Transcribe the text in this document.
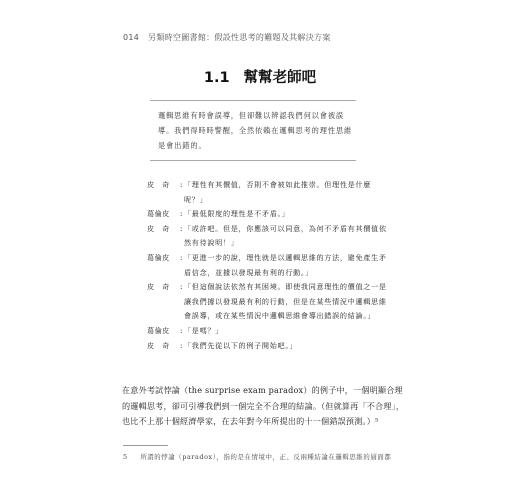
014 另類時空圖書館：假設性思考的難題及其解決方案
1.1 幫幫老師吧
邏輯思維有時會誤導，但卻難以辨認我們何以會被誤導。我們得時時警醒，全然依賴在邏輯思考的理性思維是會出錯的。
皮　奇	: 「理性有其價值，否則不會被如此推崇。但理性是什麼呢？」
葛倫皮	: 「最低限度的理性是不矛盾。」
皮　奇	: 「或許吧。但是，你應該可以同意，為何不矛盾有其價值依然有待說明！」
葛倫皮	: 「更進一步的說，理性就是以邏輯思維的方法，避免產生矛盾信念，並據以發現最有利的行動。」
皮　奇	: 「但這個說法依然有其困境。即使我同意理性的價值之一是讓我們據以發現最有利的行動，但是在某些情況中邏輯思維會誤導，或在某些情況中邏輯思維會導出錯誤的結論。」
葛倫皮	: 「是嗎？」
皮　奇	: 「我們先從以下的例子開始吧。」
在意外考試悖論（the surprise exam paradox）的例子中，一個明顯合理的邏輯思考，卻可引導我們到一個完全不合理的結論。（但就算再「不合理」，也比不上那十個經濟學家，在去年對今年所提出的十一個錯誤預測。）⁵
5 所謂的悖論（paradox），指的是在情境中，正、反兩種結論在邏輯思維的層面都
